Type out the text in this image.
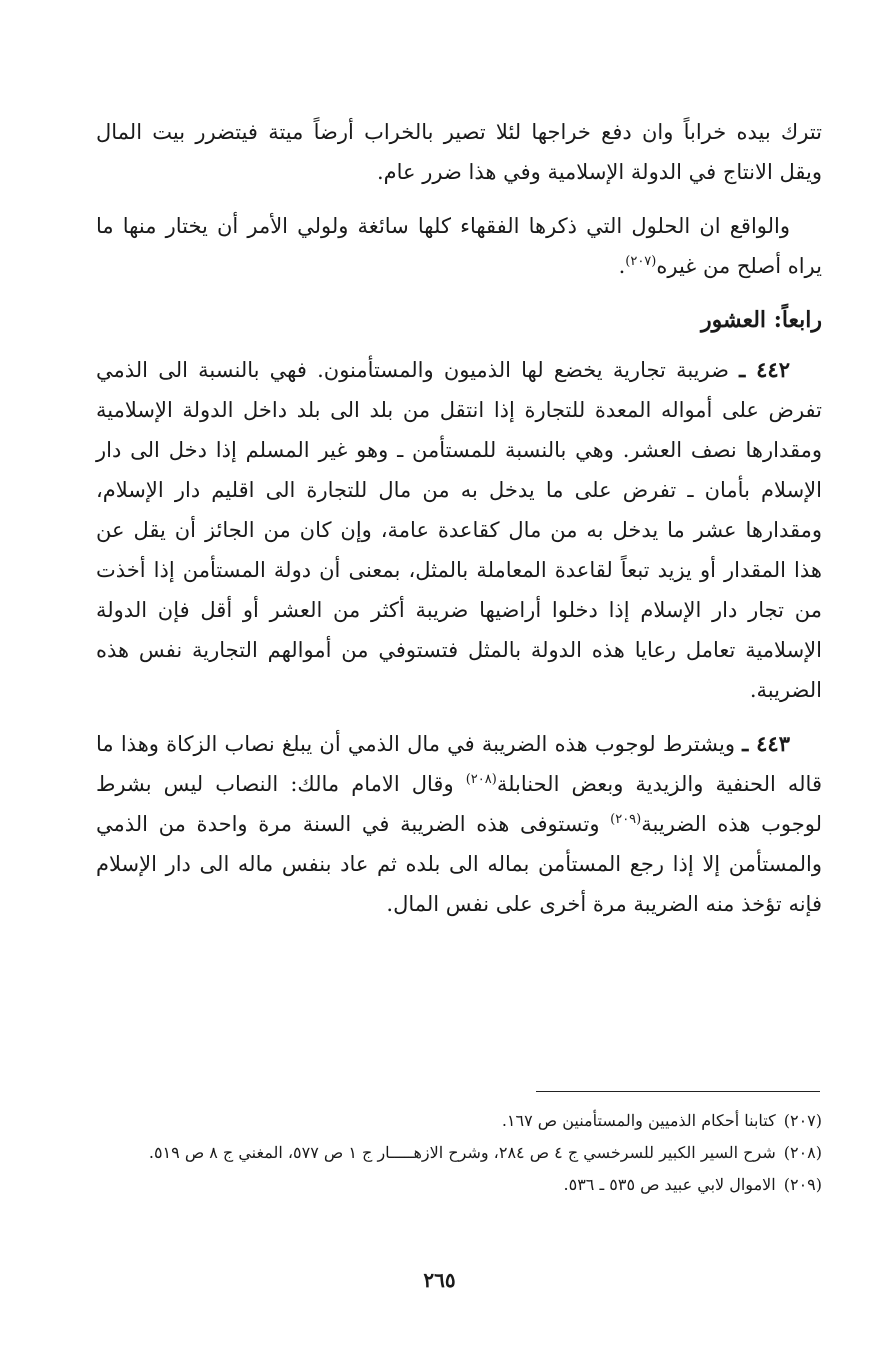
تترك بيده خراباً وان دفع خراجها لئلا تصير بالخراب أرضاً ميتة فيتضرر بيت المال ويقل الانتاج في الدولة الإسلامية وفي هذا ضرر عام.

والواقع ان الحلول التي ذكرها الفقهاء كلها سائغة ولولي الأمر أن يختار منها ما يراه أصلح من غيره$^{(٢٠٧)}$.

رابعاً: العشور

٤٤٢ ـ ضريبة تجارية يخضع لها الذميون والمستأمنون. فهي بالنسبة الى الذمي تفرض على أمواله المعدة للتجارة إذا انتقل من بلد الى بلد داخل الدولة الإسلامية ومقدارها نصف العشر. وهي بالنسبة للمستأمن ـ وهو غير المسلم إذا دخل الى دار الإسلام بأمان ـ تفرض على ما يدخل به من مال للتجارة الى اقليم دار الإسلام، ومقدارها عشر ما يدخل به من مال كقاعدة عامة، وإن كان من الجائز أن يقل عن هذا المقدار أو يزيد تبعاً لقاعدة المعاملة بالمثل، بمعنى أن دولة المستأمن إذا أخذت من تجار دار الإسلام إذا دخلوا أراضيها ضريبة أكثر من العشر أو أقل فإن الدولة الإسلامية تعامل رعايا هذه الدولة بالمثل فتستوفي من أموالهم التجارية نفس هذه الضريبة.

٤٤٣ ـ ويشترط لوجوب هذه الضريبة في مال الذمي أن يبلغ نصاب الزكاة وهذا ما قاله الحنفية والزيدية وبعض الحنابلة$^{(٢٠٨)}$ وقال الامام مالك: النصاب ليس بشرط لوجوب هذه الضريبة$^{(٢٠٩)}$ وتستوفى هذه الضريبة في السنة مرة واحدة من الذمي والمستأمن إلا إذا رجع المستأمن بماله الى بلده ثم عاد بنفس ماله الى دار الإسلام فإنه تؤخذ منه الضريبة مرة أخرى على نفس المال.

(٢٠٧)كتابنا أحكام الذميين والمستأمنين ص ١٦٧.

(٢٠٨)شرح السير الكبير للسرخسي ج ٤ ص ٢٨٤، وشرح الازهـــــار ج ١ ص ٥٧٧، المغني ج ٨ ص ٥١٩.

(٢٠٩)الاموال لابي عبيد ص ٥٣٥ ـ ٥٣٦.

٢٦٥
